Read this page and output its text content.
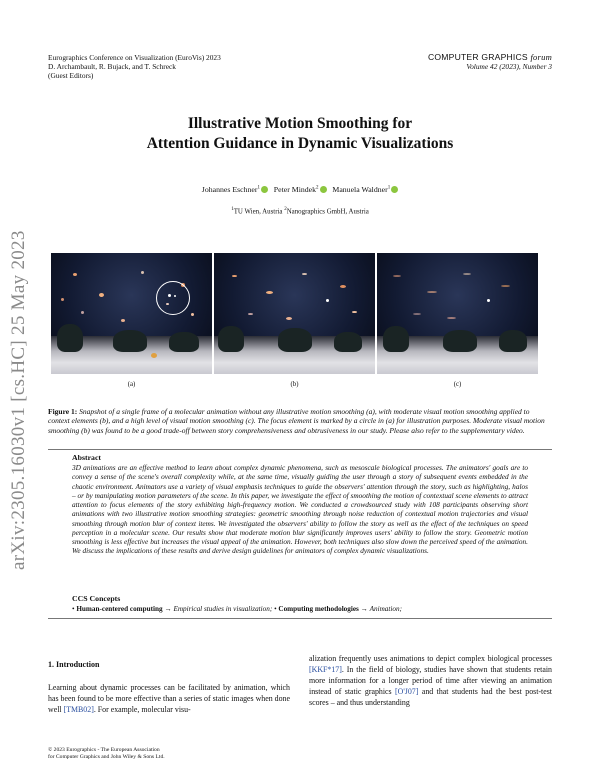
Eurographics Conference on Visualization (EuroVis) 2023
D. Archambault, R. Bujack, and T. Schreck
(Guest Editors)
COMPUTER GRAPHICS forum
Volume 42 (2023), Number 3
Illustrative Motion Smoothing for
Attention Guidance in Dynamic Visualizations
Johannes Eschner$^1$ Peter Mindek$^2$ Manuela Waldner$^1$
$^1$TU Wien, Austria $^2$Nanographics GmbH, Austria
arXiv:2305.16030v1 [cs.HC] 25 May 2023	(a)	(b)	(c)
Figure 1: Snapshot of a single frame of a molecular animation without any illustrative motion smoothing (a), with moderate visual motion smoothing applied to context elements (b), and a high level of visual motion smoothing (c). The focus element is marked by a circle in (a) for illustration purposes. Moderate visual motion smoothing (b) was found to be a good trade-off between story comprehensiveness and obtrusiveness in our study. Please also refer to the supplementary video.
Abstract
3D animations are an effective method to learn about complex dynamic phenomena, such as mesoscale biological processes. The animators' goals are to convey a sense of the scene's overall complexity while, at the same time, visually guiding the user through a story of subsequent events embedded in the chaotic environment. Animators use a variety of visual emphasis techniques to guide the observers' attention through the story, such as highlighting, halos – or by manipulating motion parameters of the scene. In this paper, we investigate the effect of smoothing the motion of contextual scene elements to attract attention to focus elements of the story exhibiting high-frequency motion. We conducted a crowdsourced study with 108 participants observing short animations with two illustrative motion smoothing strategies: geometric smoothing through noise reduction of contextual motion trajectories and visual smoothing through motion blur of context items. We investigated the observers' ability to follow the story as well as the effect of the techniques on speed perception in a molecular scene. Our results show that moderate motion blur significantly improves users' ability to follow the story. Geometric motion smoothing is less effective but increases the visual appeal of the animation. However, both techniques also slow down the perceived speed of the animation. We discuss the implications of these results and derive design guidelines for animators of complex dynamic visualizations.
CCS Concepts
• Human-centered computing → Empirical studies in visualization; • Computing methodologies → Animation;
1. Introduction
Learning about dynamic processes can be facilitated by animation, which has been found to be more effective than a series of static images when done well [TMB02]. For example, molecular visu-
alization frequently uses animations to depict complex biological processes [KKF*17]. In the field of biology, studies have shown that students retain more information for a longer period of time after viewing an animation instead of static graphics [O'J07] and that students had the best post-test scores – and thus understanding
© 2023 Eurographics - The European Association
for Computer Graphics and John Wiley & Sons Ltd.
